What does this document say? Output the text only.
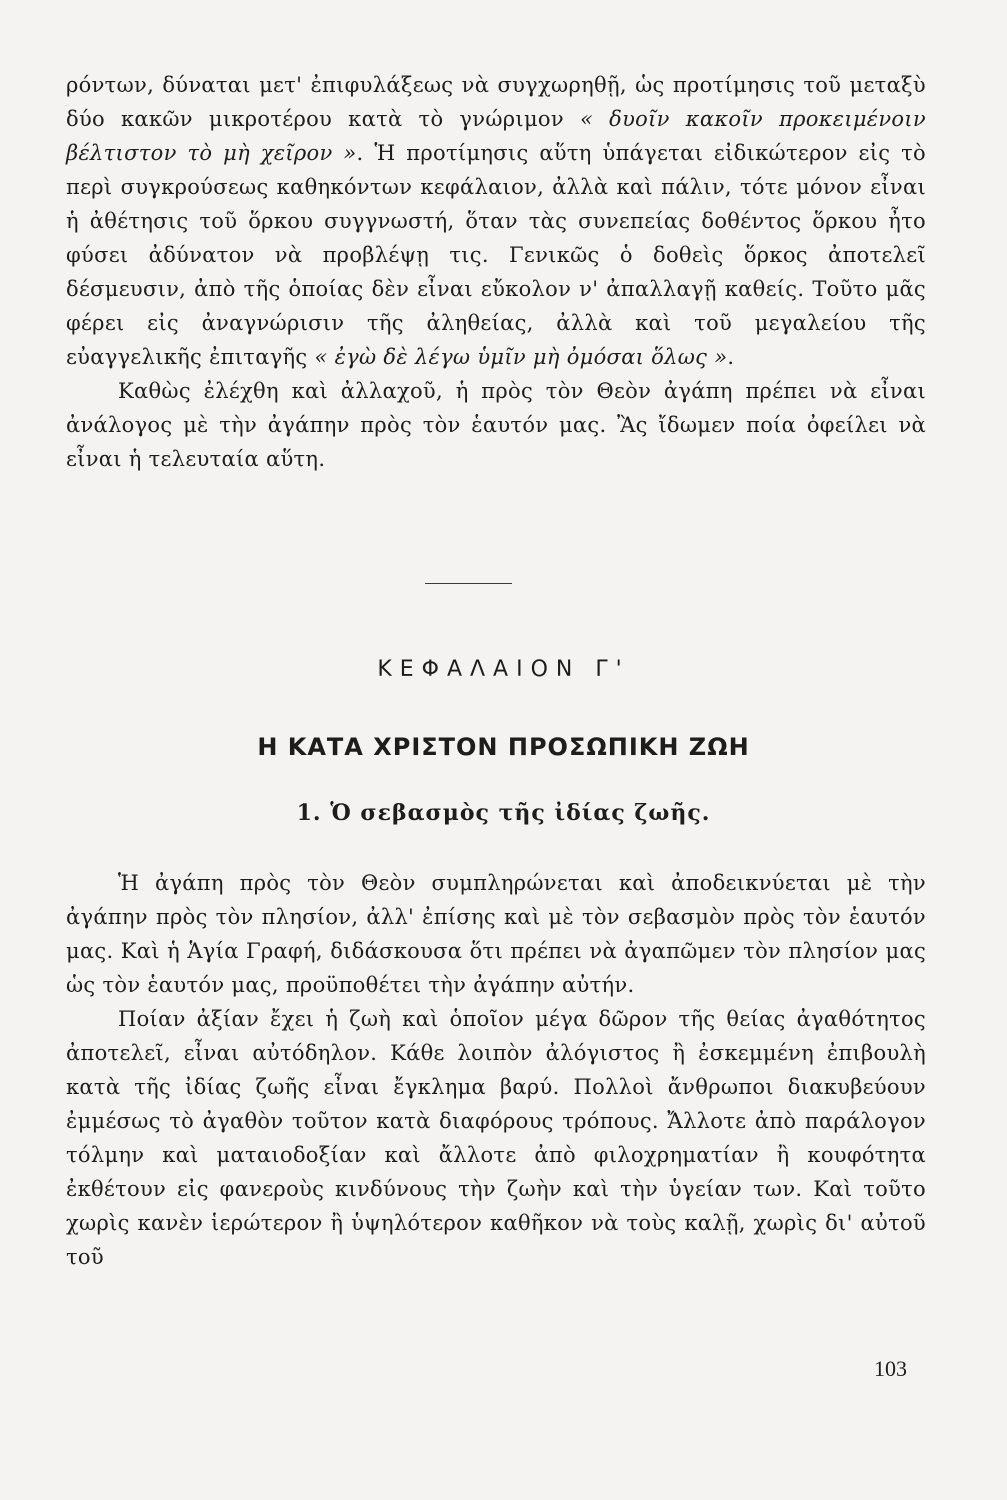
ρόντων, δύναται μετ' ἐπιφυλάξεως νὰ συγχωρηθῇ, ὡς προτίμησις τοῦ μεταξὺ δύο κακῶν μικροτέρου κατὰ τὸ γνώριμον « δυοῖν κακοῖν προκειμένοιν βέλτιστον τὸ μὴ χεῖρον ». Ἡ προτίμησις αὕτη ὑπάγεται εἰδικώτερον εἰς τὸ περὶ συγκρούσεως καθηκόντων κεφάλαιον, ἀλλὰ καὶ πάλιν, τότε μόνον εἶναι ἡ ἀθέτησις τοῦ ὅρκου συγγνωστή, ὅταν τὰς συνεπείας δοθέντος ὅρκου ἦτο φύσει ἀδύνατον νὰ προβλέψῃ τις. Γενικῶς ὁ δοθεὶς ὅρκος ἀποτελεῖ δέσμευσιν, ἀπὸ τῆς ὁποίας δὲν εἶναι εὔκολον ν' ἀπαλλαγῇ καθείς. Τοῦτο μᾶς φέρει εἰς ἀναγνώρισιν τῆς ἀληθείας, ἀλλὰ καὶ τοῦ μεγαλείου τῆς εὐαγγελικῆς ἐπιταγῆς « ἐγὼ δὲ λέγω ὑμῖν μὴ ὀμόσαι ὅλως ».

Καθὼς ἐλέχθη καὶ ἀλλαχοῦ, ἡ πρὸς τὸν Θεὸν ἀγάπη πρέπει νὰ εἶναι ἀνάλογος μὲ τὴν ἀγάπην πρὸς τὸν ἑαυτόν μας. Ἂς ἴδωμεν ποία ὀφείλει νὰ εἶναι ἡ τελευταία αὕτη.

ΚΕΦΑΛΑΙΟΝ Γ'
Η ΚΑΤΑ ΧΡΙΣΤΟΝ ΠΡΟΣΩΠΙΚΗ ΖΩΗ
1. Ὁ σεβασμὸς τῆς ἰδίας ζωῆς.

Ἡ ἀγάπη πρὸς τὸν Θεὸν συμπληρώνεται καὶ ἀποδεικνύεται μὲ τὴν ἀγάπην πρὸς τὸν πλησίον, ἀλλ' ἐπίσης καὶ μὲ τὸν σεβασμὸν πρὸς τὸν ἑαυτόν μας. Καὶ ἡ Ἁγία Γραφή, διδάσκουσα ὅτι πρέπει νὰ ἀγαπῶμεν τὸν πλησίον μας ὡς τὸν ἑαυτόν μας, προϋποθέτει τὴν ἀγάπην αὐτήν.

Ποίαν ἀξίαν ἔχει ἡ ζωὴ καὶ ὁποῖον μέγα δῶρον τῆς θείας ἀγαθότητος ἀποτελεῖ, εἶναι αὐτόδηλον. Κάθε λοιπὸν ἀλόγιστος ἢ ἐσκεμμένη ἐπιβουλὴ κατὰ τῆς ἰδίας ζωῆς εἶναι ἔγκλημα βαρύ. Πολλοὶ ἄνθρωποι διακυβεύουν ἐμμέσως τὸ ἀγαθὸν τοῦτον κατὰ διαφόρους τρόπους. Ἄλλοτε ἀπὸ παράλογον τόλμην καὶ ματαιοδοξίαν καὶ ἄλλοτε ἀπὸ φιλοχρηματίαν ἢ κουφότητα ἐκθέτουν εἰς φανεροὺς κινδύνους τὴν ζωὴν καὶ τὴν ὑγείαν των. Καὶ τοῦτο χωρὶς κανὲν ἱερώτερον ἢ ὑψηλότερον καθῆκον νὰ τοὺς καλῇ, χωρὶς δι' αὐτοῦ τοῦ

103
